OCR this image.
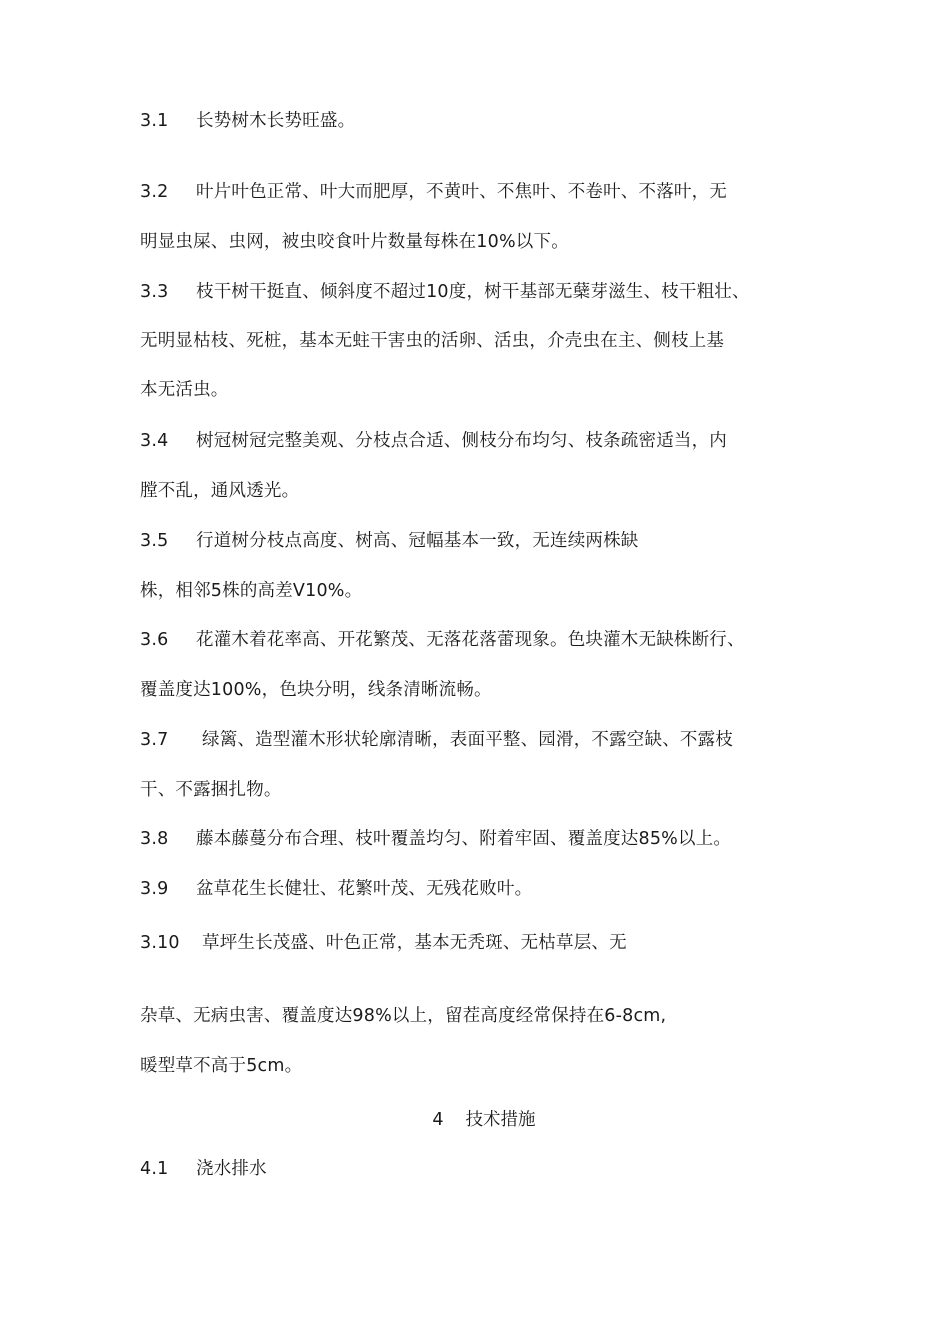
3.1 长势树木长势旺盛。
3.2 叶片叶色正常、叶大而肥厚，不黄叶、不焦叶、不卷叶、不落叶，无
明显虫屎、虫网，被虫咬食叶片数量每株在10%以下。
3.3 枝干树干挺直、倾斜度不超过10度，树干基部无蘖芽滋生、枝干粗壮、
无明显枯枝、死桩，基本无蛀干害虫的活卵、活虫，介壳虫在主、侧枝上基
本无活虫。
3.4 树冠树冠完整美观、分枝点合适、侧枝分布均匀、枝条疏密适当，内
膛不乱，通风透光。
3.5 行道树分枝点高度、树高、冠幅基本一致，无连续两株缺
株，相邻5株的高差V10%。
3.6 花灌木着花率高、开花繁茂、无落花落蕾现象。色块灌木无缺株断行、
覆盖度达100%，色块分明，线条清晰流畅。
3.7 绿篱、造型灌木形状轮廓清晰，表面平整、园滑，不露空缺、不露枝
干、不露捆扎物。
3.8 藤本藤蔓分布合理、枝叶覆盖均匀、附着牢固、覆盖度达85%以上。
3.9 盆草花生长健壮、花繁叶茂、无残花败叶。
3.10 草坪生长茂盛、叶色正常，基本无秃斑、无枯草层、无
杂草、无病虫害、覆盖度达98%以上，留茬高度经常保持在6-8cm,
暖型草不高于5cm。
4 技术措施
4.1 浇水排水
